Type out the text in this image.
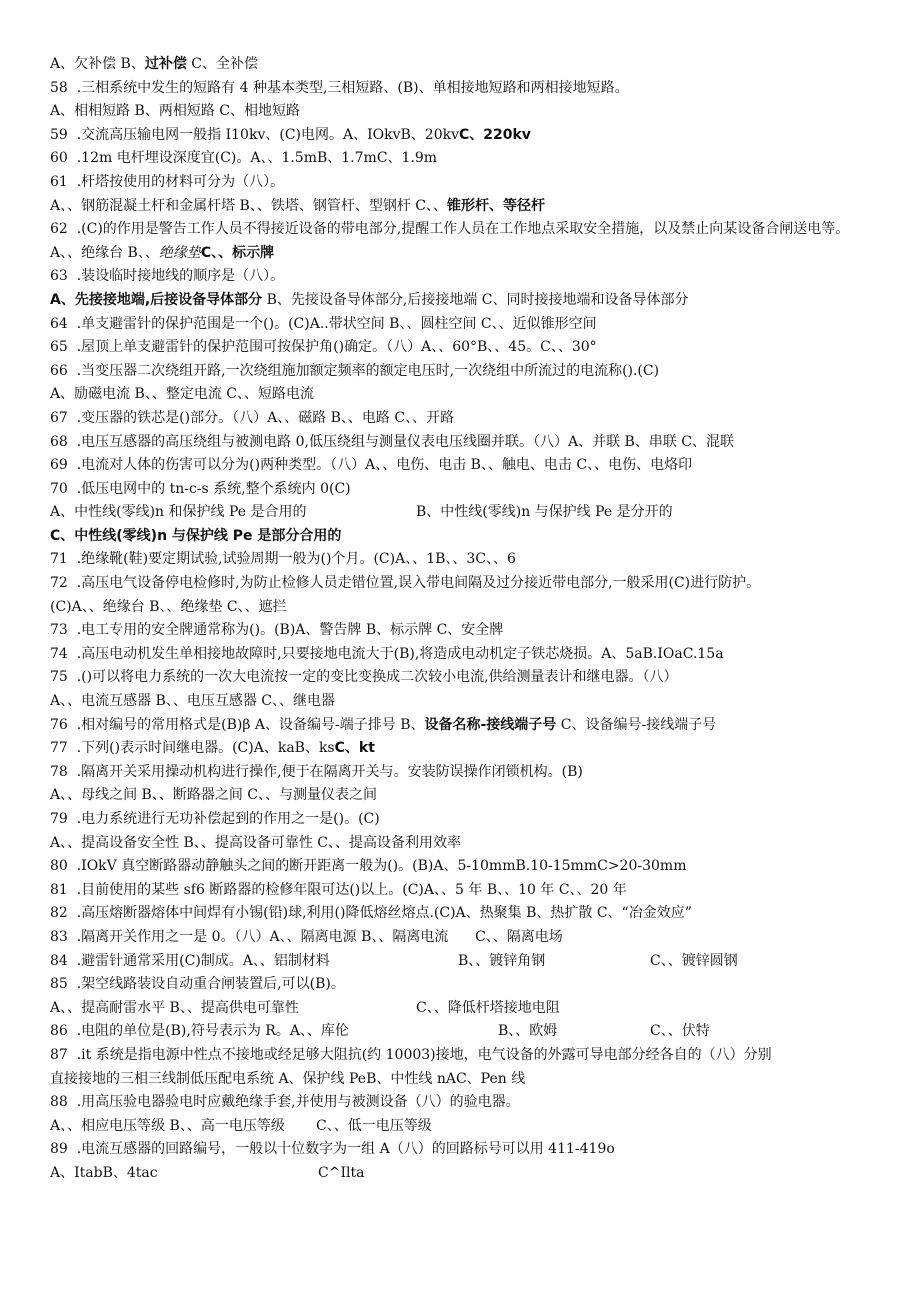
A、欠补偿 B、过补偿 C、全补偿
58  .三相系统中发生的短路有 4 种基本类型,三相短路、(B)、单相接地短路和两相接地短路。
A、相相短路 B、两相短路 C、相地短路
59  .交流高压输电网一般指 I10kv、(C)电网。A、IOkvB、20kvC、220kv
60  .12m 电杆埋设深度宜(C)。A、、1.5mB、1.7mC、1.9m
61  .杆塔按使用的材料可分为（八）。
A、、钢筋混凝土杆和金属杆塔 B、、铁塔、钢管杆、型钢杆 C、、锥形杆、等径杆
62  .(C)的作用是警告工作人员不得接近设备的带电部分,提醒工作人员在工作地点采取安全措施，以及禁止向某设备合闸送电等。A、、绝缘台 B、、绝缘垫C、、标示牌
63  .装设临时接地线的顺序是（八）。
A、先接接地端,后接设备导体部分 B、先接设备导体部分,后接接地端 C、同时接接地端和设备导体部分
64  .单支避雷针的保护范围是一个()。(C)A..带状空间 B、、圆柱空间 C、、近似锥形空间
65  .屋顶上单支避雷针的保护范围可按保护角()确定。（八）A、、60°B、、45。C、、30°
66  .当变压器二次绕组开路,一次绕组施加额定频率的额定电压时,一次绕组中所流过的电流称().(C)
A、励磁电流 B、、整定电流 C、、短路电流
67  .变压器的铁芯是()部分。（八）A、、磁路 B、、电路 C、、开路
68  .电压互感器的高压绕组与被测电路 0,低压绕组与测量仪表电压线圈并联。（八）A、并联 B、串联 C、混联
69  .电流对人体的伤害可以分为()两种类型。（八）A、、电伤、电击 B、、触电、电击 C、、电伤、电烙印
70  .低压电网中的 tn-c-s 系统,整个系统内 0(C)
A、中性线(零线)n 和保护线 Pe 是合用的	B、中性线(零线)n 与保护线 Pe 是分开的
C、中性线(零线)n 与保护线 Pe 是部分合用的
71  .绝缘靴(鞋)要定期试验,试验周期一般为()个月。(C)A、、1B、、3C、、6
72  .高压电气设备停电检修时,为防止检修人员走错位置,误入带电间隔及过分接近带电部分,一般采用(C)进行防护。
(C)A、、绝缘台 B、、绝缘垫 C、、遮拦
73  .电工专用的安全牌通常称为()。(B)A、警告牌 B、标示牌 C、安全牌
74  .高压电动机发生单相接地故障时,只要接地电流大于(B),将造成电动机定子铁芯烧损。A、5aB.IOaC.15a
75  .()可以将电力系统的一次大电流按一定的变比变换成二次较小电流,供给测量表计和继电器。（八）
A、、电流互感器 B、、电压互感器 C、、继电器
76  .相对编号的常用格式是(B)β A、设备编号-端子排号 B、设备名称-接线端子号 C、设备编号-接线端子号
77  .下列()表示时间继电器。(C)A、kaB、ksC、kt
78  .隔离开关采用操动机构进行操作,便于在隔离开关与。安装防误操作闭锁机构。(B)
A、、母线之间 B、、断路器之间 C、、与测量仪表之间
79  .电力系统进行无功补偿起到的作用之一是()。(C)
A、、提高设备安全性 B、、提高设备可靠性 C、、提高设备利用效率
80  .IOkV 真空断路器动静触头之间的断开距离一般为()。(B)A、5-10mmB.10-15mmC>20-30mm
81  .目前使用的某些 sf6 断路器的检修年限可达()以上。(C)A、、5 年 B、、10 年 C、、20 年
82  .高压熔断器熔体中间焊有小锡(铅)球,利用()降低熔丝熔点.(C)A、热聚集 B、热扩散 C、“冶金效应”
83  .隔离开关作用之一是 0。（八）A、、隔离电源 B、、隔离电流      C、、隔离电场
84  .避雷针通常采用(C)制成。A、、铝制材料	B、、镀锌角钢	C、、镀锌圆钢
85  .架空线路装设自动重合闸装置后,可以(B)。
A、、提高耐雷水平 B、、提高供电可靠性	C、、降低杆塔接地电阻
86  .电阻的单位是(B),符号表示为 R。A、、库伦	B、、欧姆	C、、伏特
87  .it 系统是指电源中性点不接地或经足够大阻抗(约 10003)接地，电气设备的外露可导电部分经各自的（八）分别
直接接地的三相三线制低压配电系统 A、保护线 PeB、中性线 nAC、Pen 线
88  .用高压验电器验电时应戴绝缘手套,并使用与被测设备（八）的验电器。
A、、相应电压等级 B、、高一电压等级       C、、低一电压等级
89  .电流互感器的回路编号，一般以十位数字为一组 A（八）的回路标号可以用 411-419o
A、ItabB、4tac	C^Ilta
